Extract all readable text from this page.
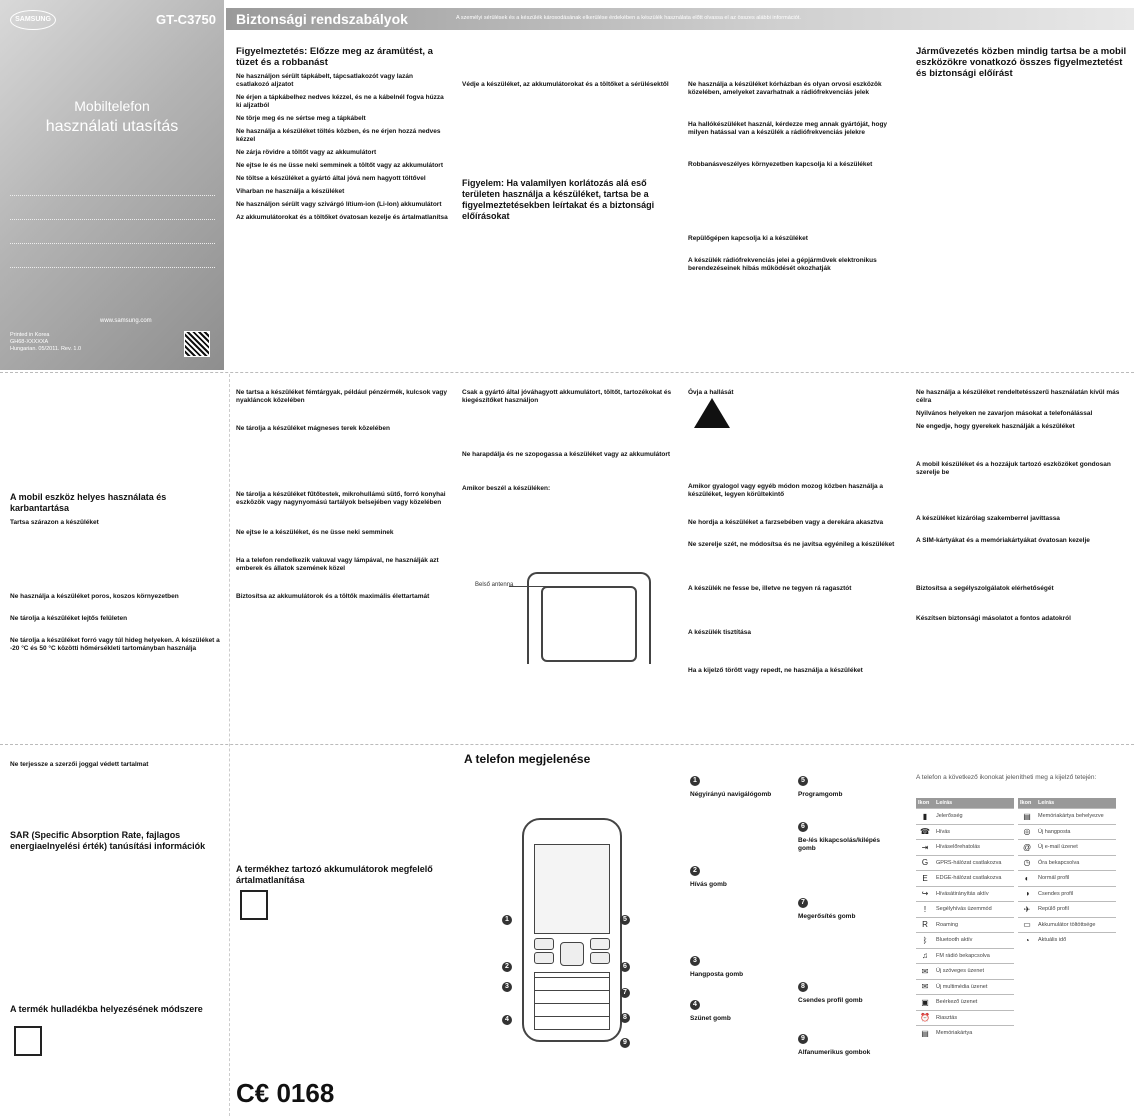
SAMSUNG	GT-C3750
Mobiltelefon
használati utasítás
www.samsung.com
Printed in Korea
GH68-XXXXXA
Hungarian. 05/2011. Rev. 1.0
Biztonsági rendszabályok	A személyi sérülések és a készülék károsodásának elkerülése érdekében a készülék használata előtt olvassa el az összes alábbi információt.
Figyelmeztetés: Előzze meg az áramütést, a tüzet és a robbanást
Ne használjon sérült tápkábelt, tápcsatlakozót vagy lazán csatlakozó aljzatot
Ne érjen a tápkábelhez nedves kézzel, és ne a kábelnél fogva húzza ki aljzatból
Ne törje meg és ne sértse meg a tápkábelt
Ne használja a készüléket töltés közben, és ne érjen hozzá nedves kézzel
Ne zárja rövidre a töltőt vagy az akkumulátort
Ne ejtse le és ne üsse neki semminek a töltőt vagy az akkumulátort
Ne töltse a készüléket a gyártó által jóvá nem hagyott töltővel
Viharban ne használja a készüléket
Ne használjon sérült vagy szivárgó lítium-ion (Li-Ion) akkumulátort
Az akkumulátorokat és a töltőket óvatosan kezelje és ártalmatlanítsa
Védje a készüléket, az akkumulátorokat és a töltőket a sérülésektől
Figyelem: Ha valamilyen korlátozás alá eső területen használja a készüléket, tartsa be a figyelmeztetésekben leírtakat és a biztonsági előírásokat
Ne használja a készüléket kórházban és olyan orvosi eszközök közelében, amelyeket zavarhatnak a rádiófrekvenciás jelek
Ha hallókészüléket használ, kérdezze meg annak gyártóját, hogy milyen hatással van a készülék a rádiófrekvenciás jelekre
Robbanásveszélyes környezetben kapcsolja ki a készüléket
Repülőgépen kapcsolja ki a készüléket
A készülék rádiófrekvenciás jelei a gépjárművek elektronikus berendezéseinek hibás működését okozhatják
Járművezetés közben mindig tartsa be a mobil eszközökre vonatkozó összes figyelmeztetést és biztonsági előírást
A mobil eszköz helyes használata és karbantartása
Tartsa szárazon a készüléket
Ne használja a készüléket poros, koszos környezetben
Ne tárolja a készüléket lejtős felületen
Ne tárolja a készüléket forró vagy túl hideg helyeken. A készüléket a -20 °C és 50 °C közötti hőmérsékleti tartományban használja
Ne tartsa a készüléket fémtárgyak, például pénzérmék, kulcsok vagy nyakláncok közelében
Ne tárolja a készüléket mágneses terek közelében
Ne tárolja a készüléket fűtőtestek, mikrohullámú sütő, forró konyhai eszközök vagy nagynyomású tartályok belsejében vagy közelében
Ne ejtse le a készüléket, és ne üsse neki semminek
Ha a telefon rendelkezik vakuval vagy lámpával, ne használják azt emberek és állatok szemének közel
Biztosítsa az akkumulátorok és a töltők maximális élettartamát
Csak a gyártó által jóváhagyott akkumulátort, töltőt, tartozékokat és kiegészítőket használjon
Ne harapdálja és ne szopogassa a készüléket vagy az akkumulátort
Amikor beszél a készüléken:
Belső antenna
Óvja a hallását
Amikor gyalogol vagy egyéb módon mozog közben használja a készüléket, legyen körültekintő
Ne hordja a készüléket a farzsebében vagy a derekára akasztva
Ne szerelje szét, ne módosítsa és ne javítsa egyénileg a készüléket
A készülék ne fesse be, illetve ne tegyen rá ragasztót
A készülék tisztítása
Ha a kijelző törött vagy repedt, ne használja a készüléket
Ne használja a készüléket rendeltetésszerű használatán kívül más célra
Nyilvános helyeken ne zavarjon másokat a telefonálással
Ne engedje, hogy gyerekek használják a készüléket
A mobil készüléket és a hozzájuk tartozó eszközöket gondosan szerelje be
A készüléket kizárólag szakemberrel javíttassa
A SIM-kártyákat és a memóriakártyákat óvatosan kezelje
Biztosítsa a segélyszolgálatok elérhetőségét
Készítsen biztonsági másolatot a fontos adatokról
Ne terjessze a szerzői joggal védett tartalmat
SAR (Specific Absorption Rate, fajlagos energiaelnyelési érték) tanúsítási információk
A termék hulladékba helyezésének módszere
A termékhez tartozó akkumulátorok megfelelő ártalmatlanítása
C€ 0168
A telefon megjelenése
1	5
2	6
3
7
4	8
9
1
Négyirányú navigálógomb
2
Hívás gomb
3
Hangposta gomb
4
Szünet gomb
5
Programgomb
6
Be-/és kikapcsolás/kilépés gomb
7
Megerősítés gomb
8
Csendes profil gomb
9
Alfanumerikus gombok
A telefon a következő ikonokat jelenítheti meg a kijelző tetején:
Ikon	Leírás
▮	Jelerősség
☎	Hívás
⇥	Híváselőrehatolás
G	GPRS-hálózat csatlakozva
E	EDGE-hálózat csatlakozva
↪	Hívásátirányítás aktív
!	Segélyhívás üzemmód
R	Roaming
ᛒ	Bluetooth aktív
♫	FM rádió bekapcsolva
✉	Új szöveges üzenet
✉	Új multimédia üzenet
▣	Beérkező üzenet
⏰	Riasztás
▤	Memóriakártya
Ikon	Leírás
▤	Memóriakártya behelyezve
◎	Új hangposta
@	Új e-mail üzenet
◷	Óra bekapcsolva
◐	Normál profil
◑	Csendes profil
✈	Repülő profil
▭	Akkumulátor töltöttsége
◔	Aktuális idő
